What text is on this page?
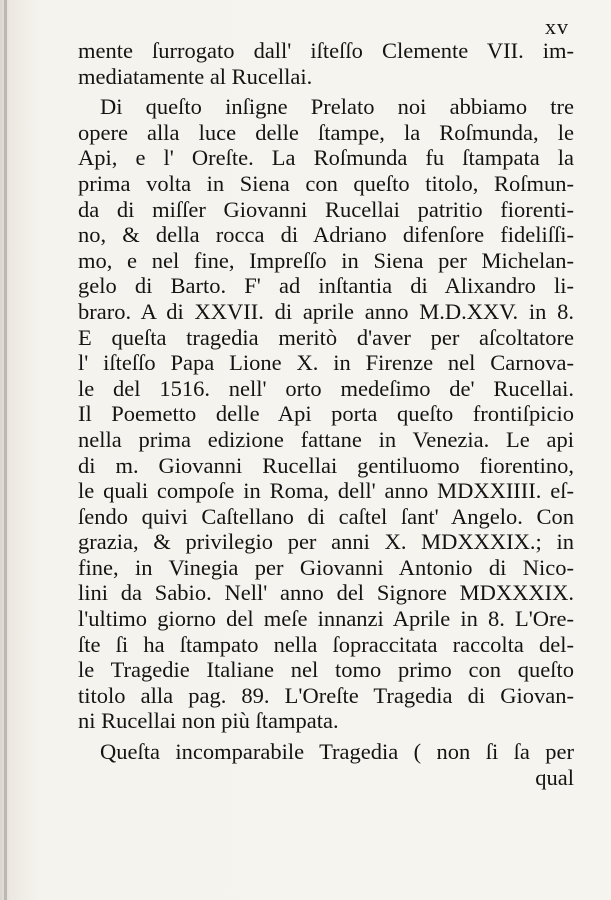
xv
mente ſurrogato dall' iſteſſo Clemente VII. im-
mediatamente al Rucellai.
Di queſto inſigne Prelato noi abbiamo tre
opere alla luce delle ſtampe, la Roſmunda, le
Api, e l' Oreſte. La Roſmunda fu ſtampata la
prima volta in Siena con queſto titolo, Roſmun-
da di miſſer Giovanni Rucellai patritio fiorenti-
no, & della rocca di Adriano difenſore fideliſſi-
mo, e nel fine, Impreſſo in Siena per Michelan-
gelo di Barto. F' ad inſtantia di Alixandro li-
braro. A di XXVII. di aprile anno M.D.XXV. in 8.
E queſta tragedia meritò d'aver per aſcoltatore
l' iſteſſo Papa Lione X. in Firenze nel Carnova-
le del 1516. nell' orto medeſimo de' Rucellai.
Il Poemetto delle Api porta queſto frontiſpicio
nella prima edizione fattane in Venezia. Le api
di m. Giovanni Rucellai gentiluomo fiorentino,
le quali compoſe in Roma, dell' anno MDXXIIII. eſ-
ſendo quivi Caſtellano di caſtel ſant' Angelo. Con
grazia, & privilegio per anni X. MDXXXIX.; in
fine, in Vinegia per Giovanni Antonio di Nico-
lini da Sabio. Nell' anno del Signore MDXXXIX.
l'ultimo giorno del meſe innanzi Aprile in 8. L'Ore-
ſte ſi ha ſtampato nella ſopraccitata raccolta del-
le Tragedie Italiane nel tomo primo con queſto
titolo alla pag. 89. L'Oreſte Tragedia di Giovan-
ni Rucellai non più ſtampata.
Queſta incomparabile Tragedia ( non ſi ſa per
qual
